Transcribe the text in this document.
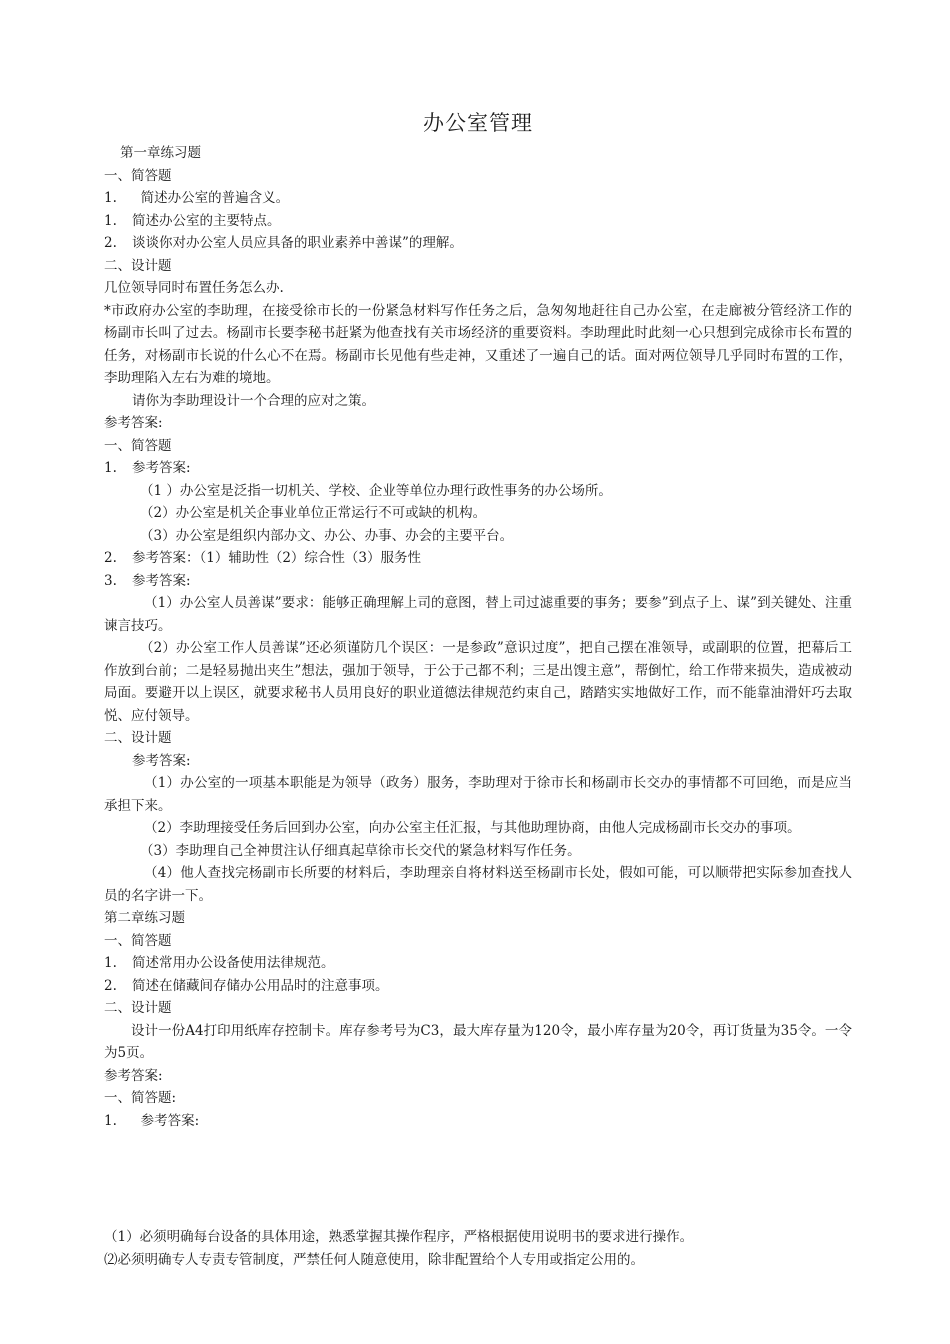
办公室管理

第一章练习题

一、简答题

1.	简述办公室的普遍含义。
1.	简述办公室的主要特点。
2.	谈谈你对办公室人员应具备的职业素养中善谋”的理解。

二、设计题

几位领导同时布置任务怎么办.

*市政府办公室的李助理，在接受徐市长的一份紧急材料写作任务之后，急匆匆地赶往自己办公室，在走廊被分管经济工作的杨副市长叫了过去。杨副市长要李秘书赶紧为他查找有关市场经济的重要资料。李助理此时此刻一心只想到完成徐市长布置的任务，对杨副市长说的什么心不在焉。杨副市长见他有些走神，又重述了一遍自己的话。面对两位领导几乎同时布置的工作，李助理陷入左右为难的境地。

请你为李助理设计一个合理的应对之策。

参考答案:

一、简答题

1.	参考答案:

（1 ）办公室是泛指一切机关、学校、企业等单位办理行政性事务的办公场所。

（2）办公室是机关企事业单位正常运行不可或缺的机构。

（3）办公室是组织内部办文、办公、办事、办会的主要平台。

2.	参考答案：（1）辅助性（2）综合性（3）服务性
3.	参考答案:

（1）办公室人员善谋”要求：能够正确理解上司的意图，替上司过滤重要的事务；要参”到点子上、谋”到关键处、注重谏言技巧。

（2）办公室工作人员善谋”还必须谨防几个误区：一是参政”意识过度”，把自己摆在准领导，或副职的位置，把幕后工作放到台前；二是轻易抛出夹生”想法，强加于领导，于公于己都不利；三是出馊主意”，帮倒忙，给工作带来损失，造成被动局面。要避开以上误区，就要求秘书人员用良好的职业道德法律规范约束自己，踏踏实实地做好工作，而不能靠油滑奸巧去取悦、应付领导。

二、设计题

参考答案:

（1）办公室的一项基本职能是为领导（政务）服务，李助理对于徐市长和杨副市长交办的事情都不可回绝，而是应当承担下来。

（2）李助理接受任务后回到办公室，向办公室主任汇报，与其他助理协商，由他人完成杨副市长交办的事项。

（3）李助理自己全神贯注认仔细真起草徐市长交代的紧急材料写作任务。

（4）他人查找完杨副市长所要的材料后，李助理亲自将材料送至杨副市长处，假如可能，可以顺带把实际参加查找人员的名字讲一下。

第二章练习题

一、简答题

1.	简述常用办公设备使用法律规范。
2.	简述在储藏间存储办公用品时的注意事项。

二、设计题

设计一份A4打印用纸库存控制卡。库存参考号为C3，最大库存量为120令，最小库存量为20令，再订货量为35令。一令为5页。

参考答案:

一、简答题:

1.	参考答案:

（1）必须明确每台设备的具体用途，熟悉掌握其操作程序，严格根据使用说明书的要求进行操作。

⑵必须明确专人专责专管制度，严禁任何人随意使用，除非配置给个人专用或指定公用的。
